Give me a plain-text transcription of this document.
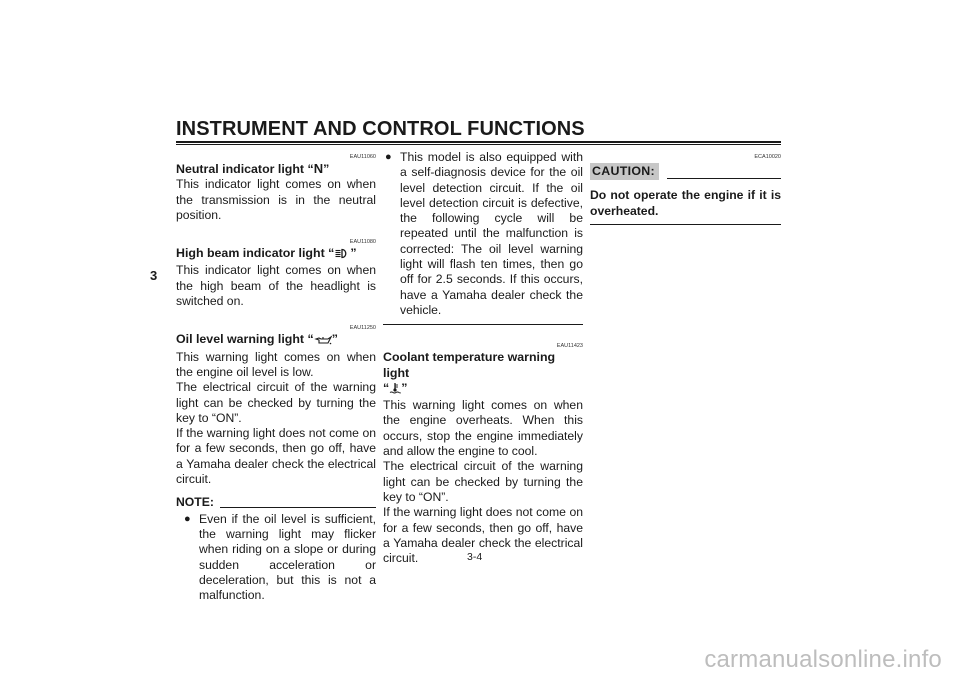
INSTRUMENT AND CONTROL FUNCTIONS
3
EAU11060
Neutral indicator light “N”

This indicator light comes on when the transmission is in the neutral position.

EAU11080
High beam indicator light “ ”

This indicator light comes on when the high beam of the headlight is switched on.

EAU11250
Oil level warning light “ ”

This warning light comes on when the engine oil level is low.

The electrical circuit of the warning light can be checked by turning the key to “ON”.

If the warning light does not come on for a few seconds, then go off, have a Yamaha dealer check the electrical circuit.

NOTE:
● Even if the oil level is sufficient, the warning light may flicker when riding on a slope or during sudden acceleration or deceleration, but this is not a malfunction.
● This model is also equipped with a self-diagnosis device for the oil level detection circuit. If the oil level detection circuit is defective, the following cycle will be repeated until the malfunction is corrected: The oil level warning light will flash ten times, then go off for 2.5 seconds. If this occurs, have a Yamaha dealer check the vehicle.
EAU11423
Coolant temperature warning light
“ ”

This warning light comes on when the engine overheats. When this occurs, stop the engine immediately and allow the engine to cool.

The electrical circuit of the warning light can be checked by turning the key to “ON”.

If the warning light does not come on for a few seconds, then go off, have a Yamaha dealer check the electrical circuit.

ECA10020
CAUTION:
Do not operate the engine if it is overheated.
3-4
carmanualsonline.info
